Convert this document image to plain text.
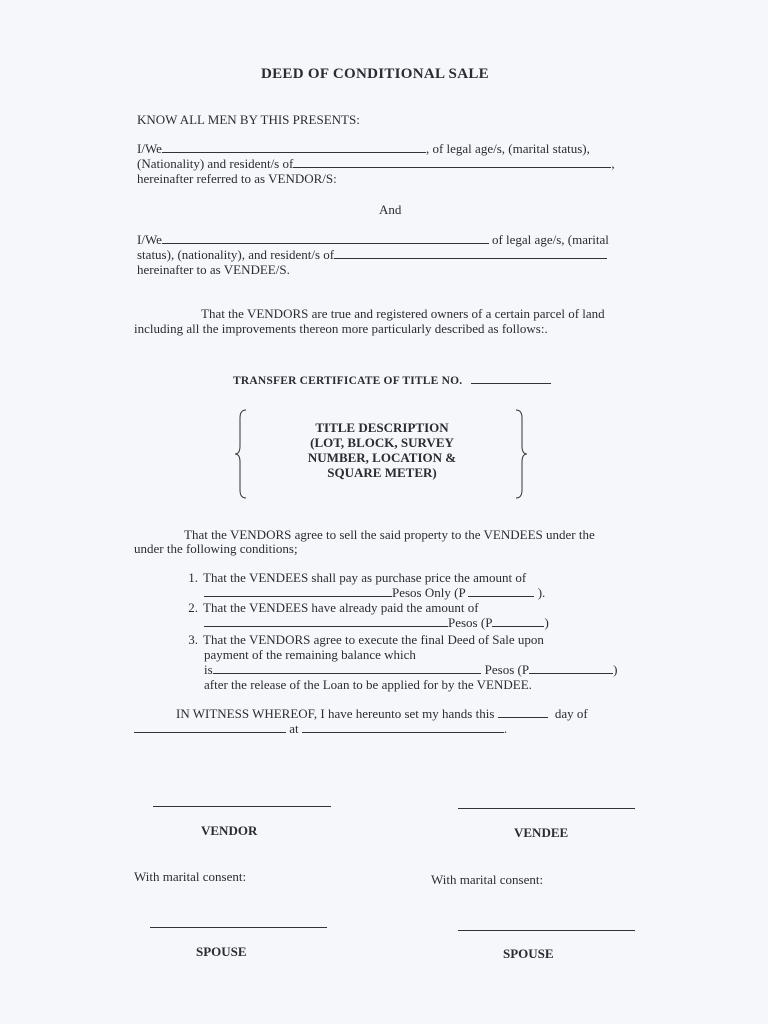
DEED OF CONDITIONAL SALE
KNOW ALL MEN BY THIS PRESENTS:
I/We	, of legal age/s, (marital status),
(Nationality) and resident/s of	,
hereinafter referred to as VENDOR/S:
And
I/We	of legal age/s, (marital
status), (nationality), and resident/s of
hereinafter to as VENDEE/S.
That the VENDORS are true and registered owners of a certain parcel of land
including all the improvements thereon more particularly described as follows:.
TRANSFER CERTIFICATE OF TITLE NO.
TITLE DESCRIPTION
(LOT, BLOCK, SURVEY
NUMBER, LOCATION &
SQUARE METER)
That the VENDORS agree to sell the said property to the VENDEES under the
under the following conditions;
1. That the VENDEES shall pay as purchase price the amount of
Pesos Only (P	).
2. That the VENDEES have already paid the amount of
Pesos (P	)
3. That the VENDORS agree to execute the final Deed of Sale upon
payment of the remaining balance which
is	Pesos (P	)
after the release of the Loan to be applied for by the VENDEE.
IN WITNESS WHEREOF, I have hereunto set my hands this	day of
at	.
VENDOR	VENDEE
With marital consent:	With marital consent:
SPOUSE	SPOUSE
